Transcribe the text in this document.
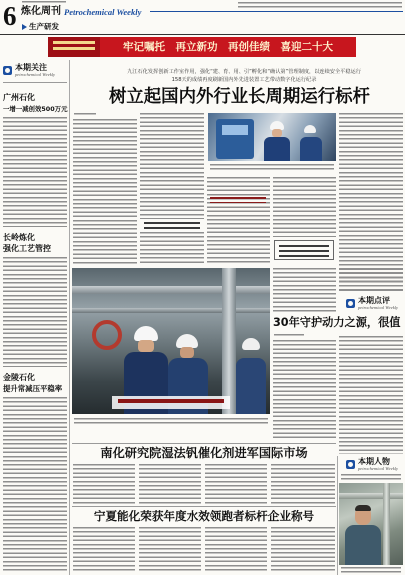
6 炼化周刊 Petrochemical Weekly
生产研发
牢记嘱托　再立新功　再创佳绩　喜迎二十大
本期关注
petrochemical Weekly
广州石化
一增一减创效500万元
长岭炼化
强化工艺管控
金陵石化
提升常减压平稳率
九江石化发挥创新工作室作用，强化“建、育、用、引”孵化和“确认第”管理制度，以连续安全平稳运行
158天的成绩再度刷新国内外先进装置工艺带动数字化运行纪录
树立起国内外行业长周期运行标杆
本期点评
petrochemical Weekly
30年守护动力之源，很值
南化研究院湿法钒催化剂进军国际市场
宁夏能化荣获年度水效领跑者标杆企业称号
本期人物
petrochemical Weekly
